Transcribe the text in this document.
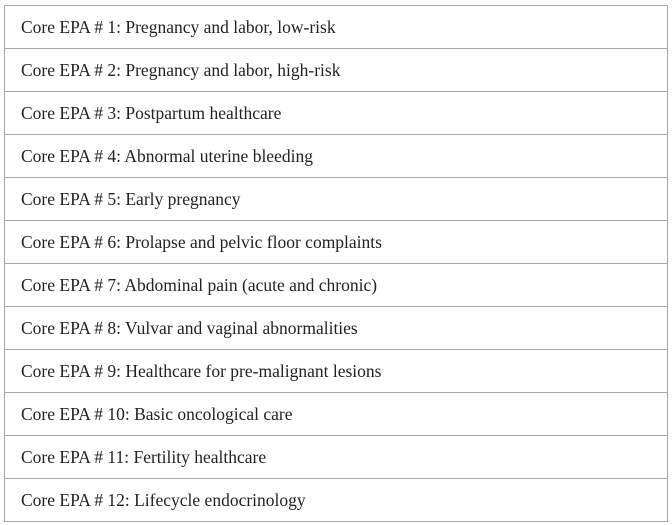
Core EPA # 1: Pregnancy and labor, low-risk
Core EPA # 2: Pregnancy and labor, high-risk
Core EPA # 3: Postpartum healthcare
Core EPA # 4: Abnormal uterine bleeding
Core EPA # 5: Early pregnancy
Core EPA # 6: Prolapse and pelvic floor complaints
Core EPA # 7: Abdominal pain (acute and chronic)
Core EPA # 8: Vulvar and vaginal abnormalities
Core EPA # 9: Healthcare for pre-malignant lesions
Core EPA # 10: Basic oncological care
Core EPA # 11: Fertility healthcare
Core EPA # 12: Lifecycle endocrinology
